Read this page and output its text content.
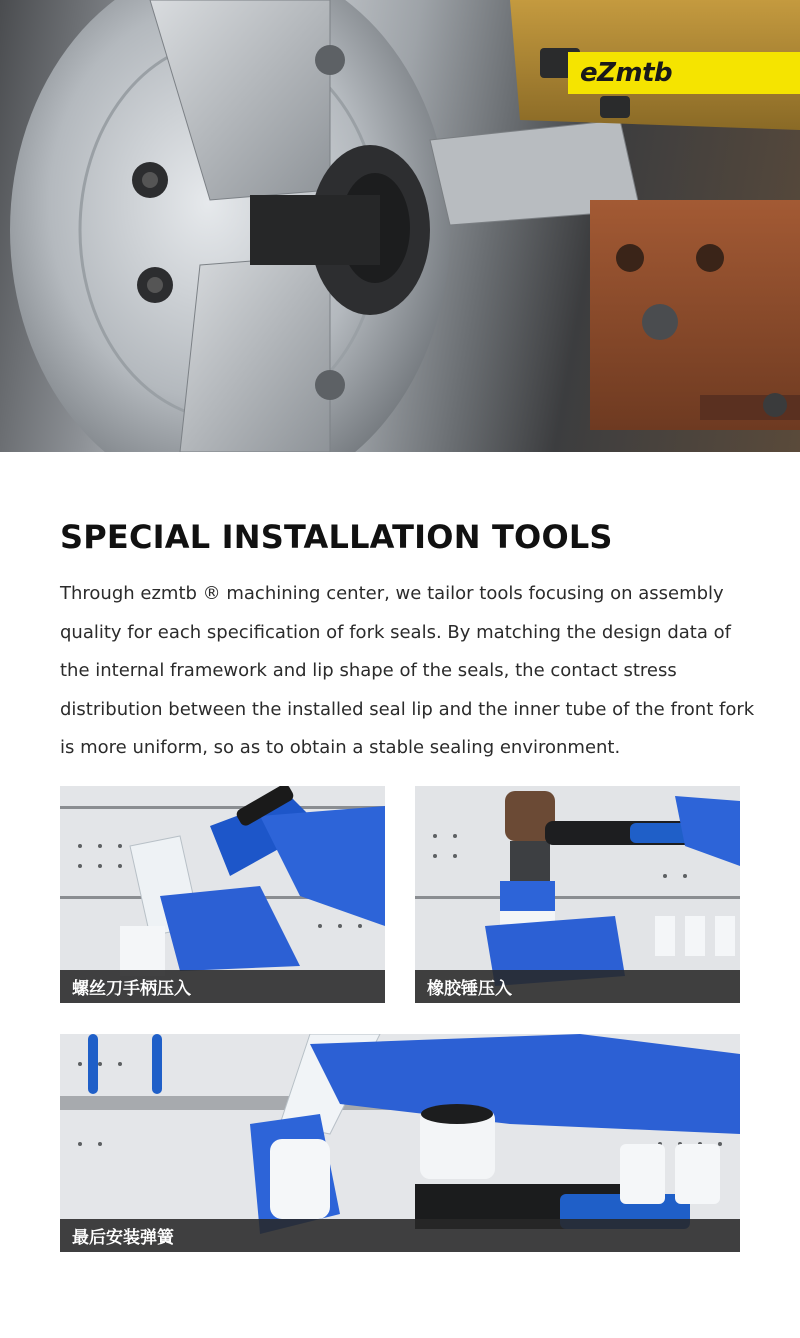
eZmtb
SPECIAL INSTALLATION TOOLS

Through ezmtb ® machining center, we tailor tools focusing on assembly quality for each specification of fork seals. By matching the design data of the internal framework and lip shape of the seals, the contact stress distribution between the installed seal lip and the inner tube of the front fork is more uniform, so as to obtain a stable sealing environment.

螺丝刀手柄压入	橡胶锤压入
最后安装弹簧
